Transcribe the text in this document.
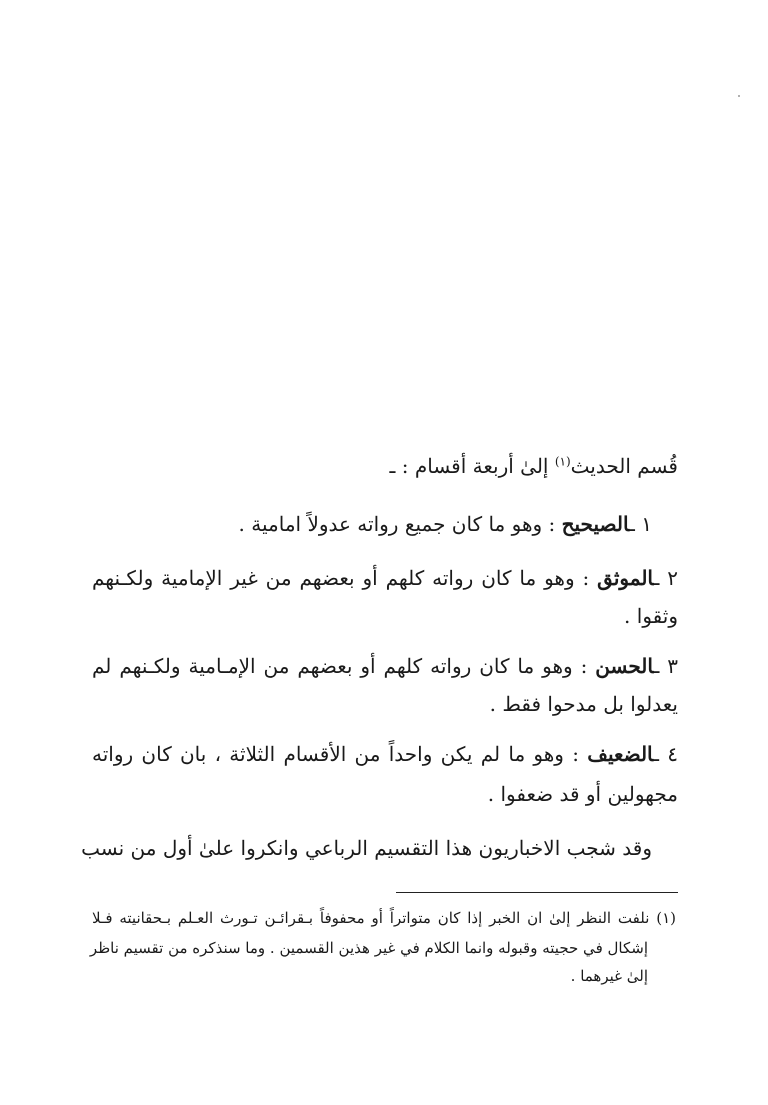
قُسم الحديث$^{(١)}$ إلىٰ أربعة أقسام : ـ
١ ـالصيحيح : وهو ما كان جميع رواته عدولاً امامية .
٢ ـالموثق : وهو ما كان رواته كلهم أو بعضهم من غير الإمامية ولكـنهم
وثقوا .
٣ ـالحسن : وهو ما كان رواته كلهم أو بعضهم من الإمـامية ولكـنهم لم
يعدلوا بل مدحوا فقط .
٤ ـالضعيف : وهو ما لم يكن واحداً من الأقسام الثلاثة ، بان كان رواته
مجهولين أو قد ضعفوا .
وقد شجب الاخباريون هذا التقسيم الرباعي وانكروا علىٰ أول من نسب
(١) نلفت النظر إلىٰ ان الخبر إذا كان متواتراً أو محفوفاً بـقرائـن تـورث العـلم بـحقانيته فـلا
إشكال في حجيته وقبوله وانما الكلام في غير هذين القسمين . وما سنذكره من تقسيم ناظر
إلىٰ غيرهما .
